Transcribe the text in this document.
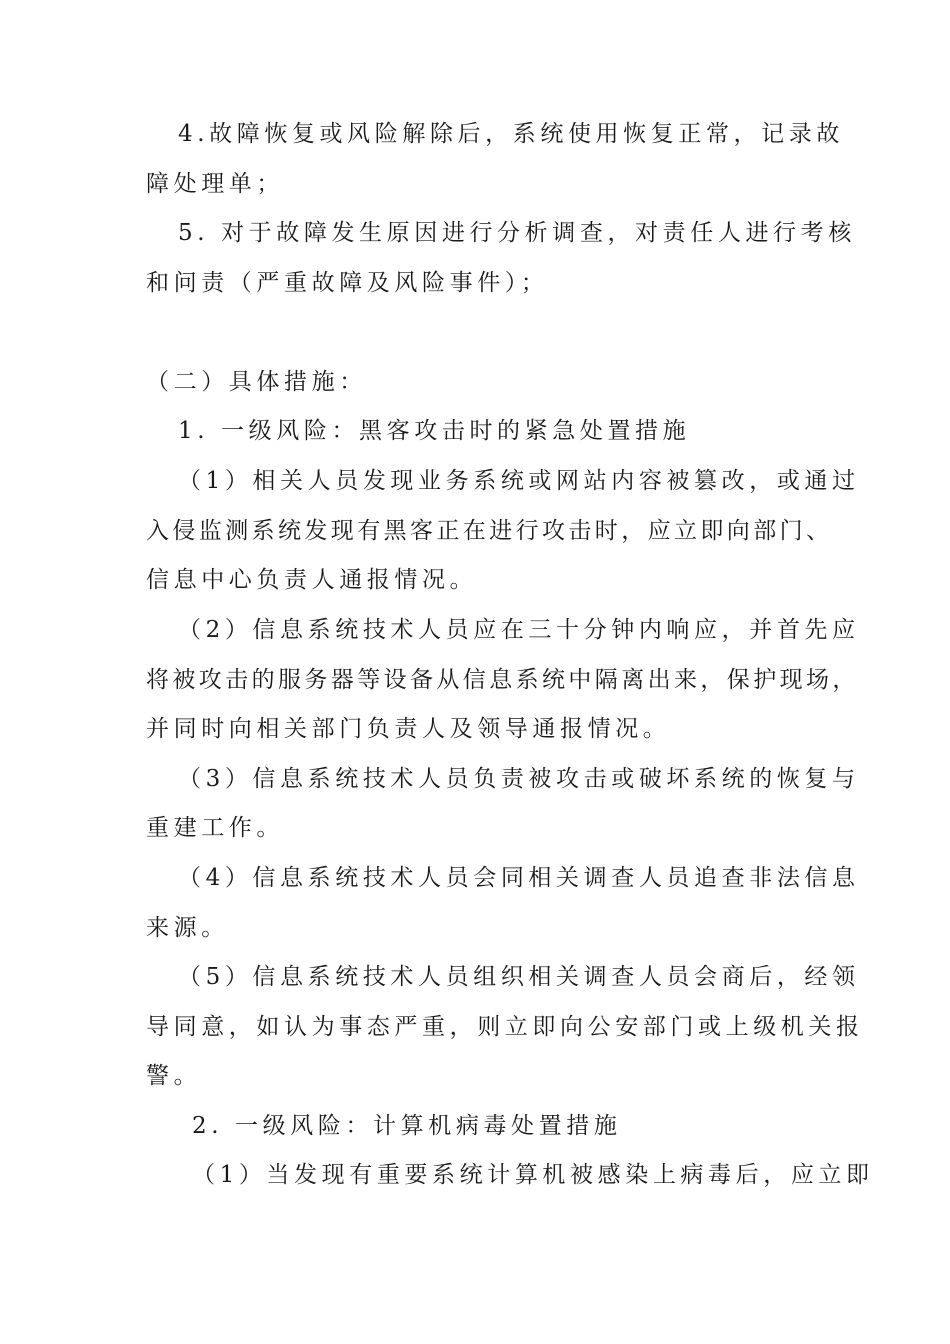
4.故障恢复或风险解除后，系统使用恢复正常，记录故
障处理单；
5. 对于故障发生原因进行分析调查，对责任人进行考核
和问责（严重故障及风险事件）；
（二）具体措施：
1. 一级风险：黑客攻击时的紧急处置措施
（1）相关人员发现业务系统或网站内容被篡改，或通过
入侵监测系统发现有黑客正在进行攻击时，应立即向部门、
信息中心负责人通报情况。
（2）信息系统技术人员应在三十分钟内响应，并首先应
将被攻击的服务器等设备从信息系统中隔离出来，保护现场，
并同时向相关部门负责人及领导通报情况。
（3）信息系统技术人员负责被攻击或破坏系统的恢复与
重建工作。
（4）信息系统技术人员会同相关调查人员追查非法信息
来源。
（5）信息系统技术人员组织相关调查人员会商后，经领
导同意，如认为事态严重，则立即向公安部门或上级机关报
警。
2. 一级风险：计算机病毒处置措施
（1）当发现有重要系统计算机被感染上病毒后，应立即
